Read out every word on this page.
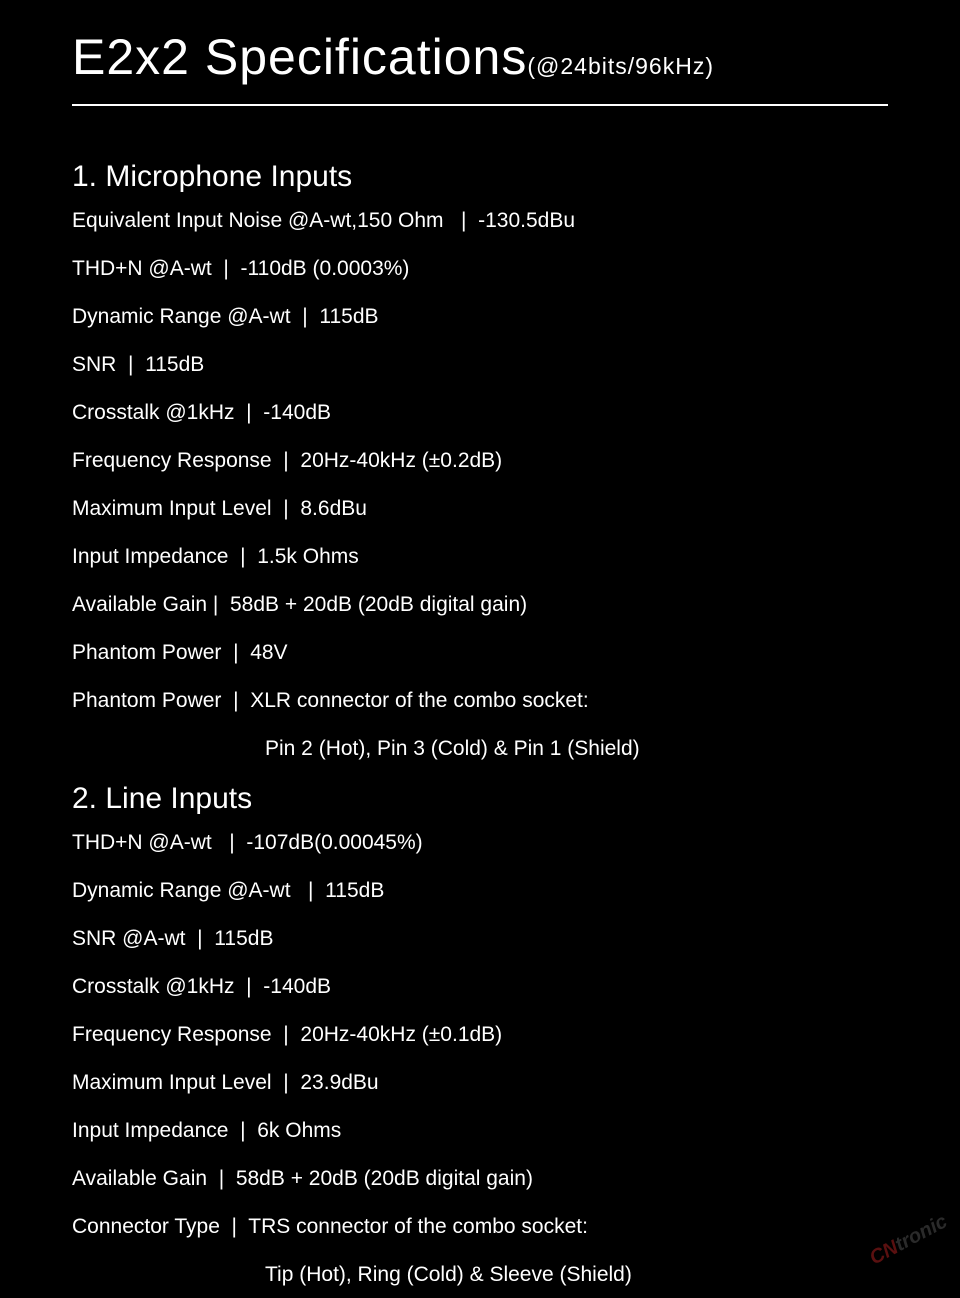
E2x2 Specifications(@24bits/96kHz)
1. Microphone Inputs
Equivalent Input Noise @A-wt,150 Ohm   |  -130.5dBu
THD+N @A-wt  |  -110dB (0.0003%)
Dynamic Range @A-wt  |  115dB
SNR  |  115dB
Crosstalk @1kHz  |  -140dB
Frequency Response  |  20Hz-40kHz (±0.2dB)
Maximum Input Level  |  8.6dBu
Input Impedance  |  1.5k Ohms
Available Gain |  58dB + 20dB (20dB digital gain)
Phantom Power  |  48V
Phantom Power  |  XLR connector of the combo socket:
Pin 2 (Hot), Pin 3 (Cold) & Pin 1 (Shield)
2. Line Inputs
THD+N @A-wt   |  -107dB(0.00045%)
Dynamic Range @A-wt   |  115dB
SNR @A-wt  |  115dB
Crosstalk @1kHz  |  -140dB
Frequency Response  |  20Hz-40kHz (±0.1dB)
Maximum Input Level  |  23.9dBu
Input Impedance  |  6k Ohms
Available Gain  |  58dB + 20dB (20dB digital gain)
Connector Type  |  TRS connector of the combo socket:
Tip (Hot), Ring (Cold) & Sleeve (Shield)
CNtronic
